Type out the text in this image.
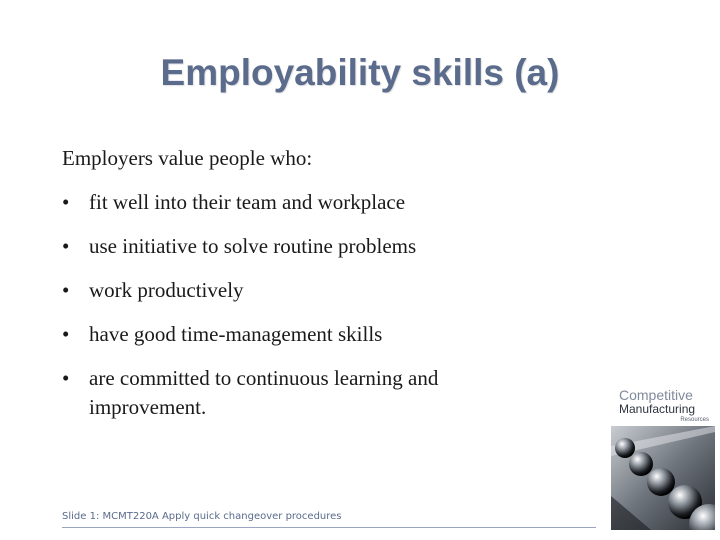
Employability skills (a)

Employers value people who:

• fit well into their team and workplace
• use initiative to solve routine problems
• work productively
• have good time-management skills
• are committed to continuous learning and improvement.
Slide 1: MCMT220A Apply quick changeover procedures
Competitive
Manufacturing
Resources
